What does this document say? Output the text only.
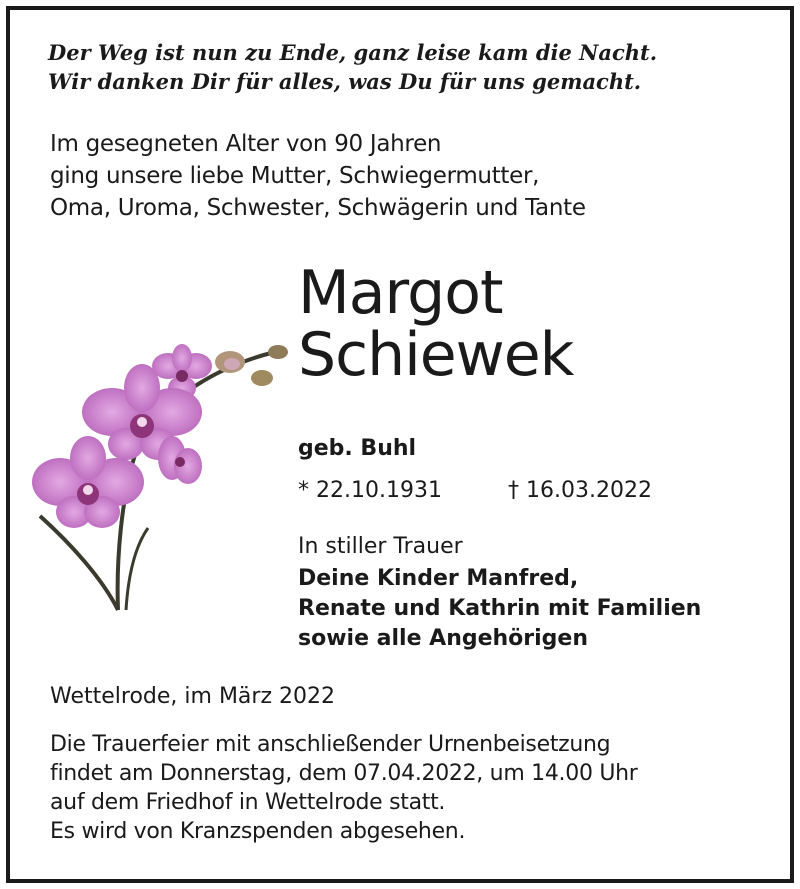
Der Weg ist nun zu Ende, ganz leise kam die Nacht.
Wir danken Dir für alles, was Du für uns gemacht.
Im gesegneten Alter von 90 Jahren
ging unsere liebe Mutter, Schwiegermutter,
Oma, Uroma, Schwester, Schwägerin und Tante
Margot
Schiewek
geb. Buhl
* 22.10.1931	† 16.03.2022
In stiller Trauer
Deine Kinder Manfred,
Renate und Kathrin mit Familien
sowie alle Angehörigen
Wettelrode, im März 2022
Die Trauerfeier mit anschließender Urnenbeisetzung
findet am Donnerstag, dem 07.04.2022, um 14.00 Uhr
auf dem Friedhof in Wettelrode statt.
Es wird von Kranzspenden abgesehen.
